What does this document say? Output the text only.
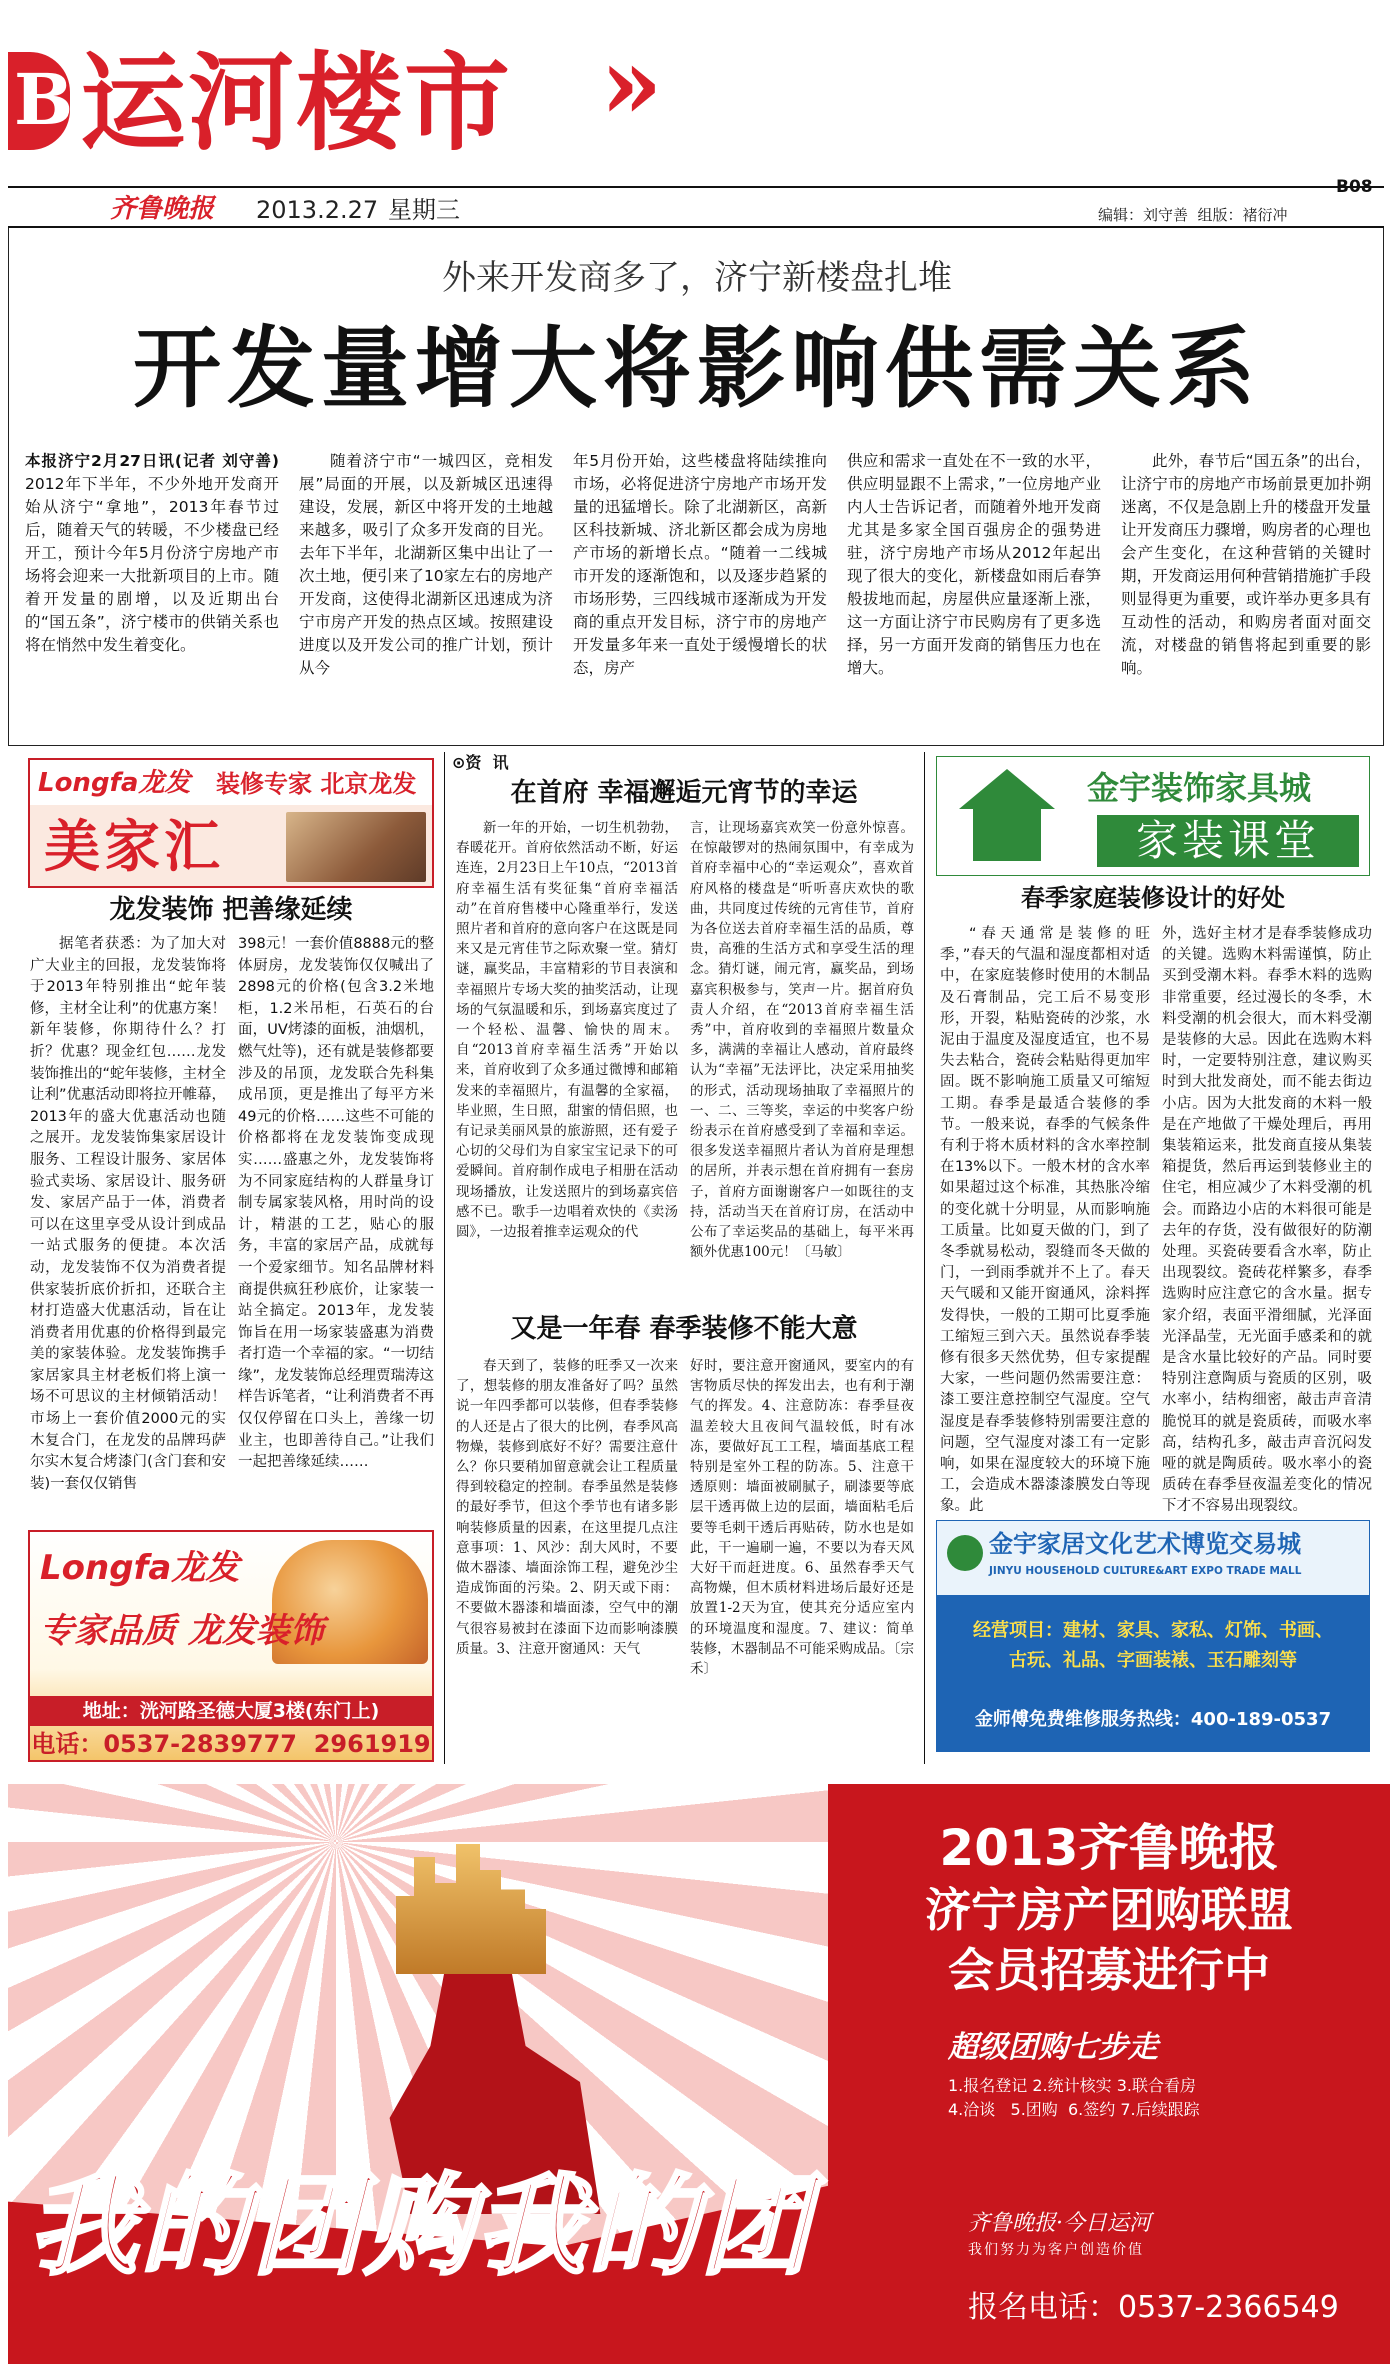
B 运河楼市 »
齐鲁晚报 2013.2.27 星期三	编辑：刘守善  组版：褚衍冲
B08
外来开发商多了，济宁新楼盘扎堆
开发量增大将影响供需关系

本报济宁2月27日讯(记者 刘守善) 2012年下半年，不少外地开发商开始从济宁“拿地”，2013年春节过后，随着天气的转暖，不少楼盘已经开工，预计今年5月份济宁房地产市场将会迎来一大批新项目的上市。随着开发量的剧增，以及近期出台的“国五条”，济宁楼市的供销关系也将在悄然中发生着变化。

随着济宁市“一城四区，竞相发展”局面的开展，以及新城区迅速得建设，发展，新区中将开发的土地越来越多，吸引了众多开发商的目光。去年下半年，北湖新区集中出让了一次土地，便引来了10家左右的房地产开发商，这使得北湖新区迅速成为济宁市房产开发的热点区域。按照建设进度以及开发公司的推广计划，预计从今

年5月份开始，这些楼盘将陆续推向市场，必将促进济宁房地产市场开发量的迅猛增长。除了北湖新区，高新区科技新城、济北新区都会成为房地产市场的新增长点。“随着一二线城市开发的逐渐饱和，以及逐步趋紧的市场形势，三四线城市逐渐成为开发商的重点开发目标，济宁市的房地产开发量多年来一直处于缓慢增长的状态，房产

供应和需求一直处在不一致的水平，供应明显跟不上需求，”一位房地产业内人士告诉记者，而随着外地开发商尤其是多家全国百强房企的强势进驻，济宁房地产市场从2012年起出现了很大的变化，新楼盘如雨后春笋般拔地而起，房屋供应量逐渐上涨，这一方面让济宁市民购房有了更多选择，另一方面开发商的销售压力也在增大。

此外，春节后“国五条”的出台，让济宁市的房地产市场前景更加扑朔迷离，不仅是急剧上升的楼盘开发量让开发商压力骤增，购房者的心理也会产生变化，在这种营销的关键时期，开发商运用何种营销措施扩手段则显得更为重要，或许举办更多具有互动性的活动，和购房者面对面交流，对楼盘的销售将起到重要的影响。

Longfa龙发 装修专家 北京龙发
美家汇
龙发装饰 把善缘延续

据笔者获悉：为了加大对广大业主的回报，龙发装饰将于2013年特别推出“蛇年装修，主材全让利”的优惠方案！新年装修，你期待什么？打折？优惠？现金红包……龙发装饰推出的“蛇年装修，主材全让利”优惠活动即将拉开帷幕，2013年的盛大优惠活动也随之展开。龙发装饰集家居设计服务、工程设计服务、家居体验式卖场、家居设计、服务研发、家居产品于一体，消费者可以在这里享受从设计到成品一站式服务的便捷。本次活动，龙发装饰不仅为消费者提供家装折底价折扣，还联合主材打造盛大优惠活动，旨在让消费者用优惠的价格得到最完美的家装体验。龙发装饰携手家居家具主材老板们将上演一场不可思议的主材倾销活动！市场上一套价值2000元的实木复合门，在龙发的品牌玛萨尔实木复合烤漆门(含门套和安装)一套仅仅销售

398元！一套价值8888元的整体厨房，龙发装饰仅仅喊出了2898元的价格(包含3.2米地柜，1.2米吊柜，石英石的台面，UV烤漆的面板，油烟机，燃气灶等)，还有就是装修都要涉及的吊顶，龙发联合先科集成吊顶，更是推出了每平方米49元的价格……这些不可能的价格都将在龙发装饰变成现实……盛惠之外，龙发装饰将为不同家庭结构的人群量身订制专属家装风格，用时尚的设计，精湛的工艺，贴心的服务，丰富的家居产品，成就每一个爱家细节。知名品牌材料商提供疯狂秒底价，让家装一站全搞定。2013年，龙发装饰旨在用一场家装盛惠为消费者打造一个幸福的家。“一切结缘”，龙发装饰总经理贾瑞涛这样告诉笔者，“让利消费者不再仅仅停留在口头上，善缘一切业主，也即善待自己。”让我们一起把善缘延续……

Longfa龙发
专家品质 龙发装饰
地址：洸河路圣德大厦3楼(东门上)
电话：0537-2839777  2961919
⊙资  讯
在首府 幸福邂逅元宵节的幸运

新一年的开始，一切生机勃勃，春暖花开。首府依然活动不断，好运连连，2月23日上午10点，“2013首府幸福生活有奖征集“首府幸福活动”在首府售楼中心隆重举行，发送照片者和首府的意向客户在这既是同来又是元宵佳节之际欢聚一堂。猜灯谜，赢奖品，丰富精彩的节目表演和幸福照片专场大奖的抽奖活动，让现场的气氛温暖和乐，到场嘉宾度过了一个轻松、温馨、愉快的周末。自“2013首府幸福生活秀”开始以来，首府收到了众多通过微博和邮箱发来的幸福照片，有温馨的全家福，毕业照，生日照，甜蜜的情侣照，也有记录美丽风景的旅游照，还有爱子心切的父母们为自家宝宝记录下的可爱瞬间。首府制作成电子相册在活动现场播放，让发送照片的到场嘉宾倍感不已。歌手一边唱着欢快的《卖汤圆》，一边报着推幸运观众的代

言，让现场嘉宾欢笑一份意外惊喜。在惊敲锣对的热闹氛围中，有幸成为首府幸福中心的“幸运观众”，喜欢首府风格的楼盘是“听听喜庆欢快的歌曲，共同度过传统的元宵佳节，首府为各位送去首府幸福生活的品质，尊贵，高雅的生活方式和享受生活的理念。猜灯谜，闹元宵，赢奖品，到场嘉宾积极参与，笑声一片。据首府负责人介绍，在“2013首府幸福生活秀”中，首府收到的幸福照片数量众多，满满的幸福让人感动，首府最终认为“幸福”无法评比，决定采用抽奖的形式，活动现场抽取了幸福照片的一、二、三等奖，幸运的中奖客户纷纷表示在首府感受到了幸福和幸运。很多发送幸福照片者认为首府是理想的居所，并表示想在首府拥有一套房子，首府方面谢谢客户一如既往的支持，活动当天在首府订房，在活动中公布了幸运奖品的基础上，每平米再额外优惠100元！〔马敏〕

又是一年春 春季装修不能大意

春天到了，装修的旺季又一次来了，想装修的朋友准备好了吗？虽然说一年四季都可以装修，但春季装修的人还是占了很大的比例，春季风高物燥，装修到底好不好？需要注意什么？你只要稍加留意就会让工程质量得到较稳定的控制。春季虽然是装修的最好季节，但这个季节也有诸多影响装修质量的因素，在这里提几点注意事项：1、风沙：刮大风时，不要做木器漆、墙面涂饰工程，避免沙尘造成饰面的污染。2、阴天或下雨：不要做木器漆和墙面漆，空气中的潮气很容易被封在漆面下边而影响漆膜质量。3、注意开窗通风：天气

好时，要注意开窗通风，要室内的有害物质尽快的挥发出去，也有利于潮气的挥发。4、注意防冻：春季昼夜温差较大且夜间气温较低，时有冰冻，要做好瓦工工程，墙面基底工程特别是室外工程的防冻。5、注意干透原则：墙面被刷腻子，刷漆要等底层干透再做上边的层面，墙面粘毛后要等毛刺干透后再贴砖，防水也是如此，干一遍刷一遍，不要以为春天风大好干而赶进度。6、虽然春季天气高物燥，但木质材料进场后最好还是放置1-2天为宜，使其充分适应室内的环境温度和湿度。7、建议：简单装修，木器制品不可能采购成品。〔宗禾〕

金宇装饰家具城
家装课堂
春季家庭装修设计的好处

“春天通常是装修的旺季，”春天的气温和湿度都相对适中，在家庭装修时使用的木制品及石膏制品，完工后不易变形形，开裂，粘贴瓷砖的沙浆，水泥由于温度及湿度适宜，也不易失去粘合，瓷砖会粘贴得更加牢固。既不影响施工质量又可缩短工期。春季是最适合装修的季节。一般来说，春季的气候条件有利于将木质材料的含水率控制在13%以下。一般木材的含水率如果超过这个标准，其热胀冷缩的变化就十分明显，从而影响施工质量。比如夏天做的门，到了冬季就易松动，裂缝而冬天做的门，一到雨季就并不上了。春天天气暖和又能开窗通风，涂料挥发得快，一般的工期可比夏季施工缩短三到六天。虽然说春季装修有很多天然优势，但专家提醒大家，一些问题仍然需要注意：漆工要注意控制空气湿度。空气湿度是春季装修特别需要注意的问题，空气湿度对漆工有一定影响，如果在湿度较大的环境下施工，会造成木器漆漆膜发白等现象。此

外，选好主材才是春季装修成功的关键。选购木料需谨慎，防止买到受潮木料。春季木料的选购非常重要，经过漫长的冬季，木料受潮的机会很大，而木料受潮是装修的大忌。因此在选购木料时，一定要特别注意，建议购买时到大批发商处，而不能去街边小店。因为大批发商的木料一般是在产地做了干燥处理后，再用集装箱运来，批发商直接从集装箱提货，然后再运到装修业主的住宅，相应减少了木料受潮的机会。而路边小店的木料很可能是去年的存货，没有做很好的防潮处理。买瓷砖要看含水率，防止出现裂纹。瓷砖花样繁多，春季选购时应注意它的含水量。据专家介绍，表面平滑细腻，光泽面光泽晶莹，无光面手感柔和的就是含水量比较好的产品。同时要特别注意陶质与瓷质的区别，吸水率小，结构细密，敲击声音清脆悦耳的就是瓷质砖，而吸水率高，结构孔多，敲击声音沉闷发哑的就是陶质砖。吸水率小的瓷质砖在春季昼夜温差变化的情况下才不容易出现裂纹。

金宇家居文化艺术博览交易城
JINYU HOUSEHOLD CULTURE&ART EXPO TRADE MALL
经营项目：建材、家具、家私、灯饰、书画、
古玩、礼品、字画装裱、玉石雕刻等
金师傅免费维修服务热线：400-189-0537
2013齐鲁晚报
济宁房产团购联盟
会员招募进行中
超级团购七步走
1.报名登记 2.统计核实 3.联合看房
4.洽谈   5.团购  6.签约 7.后续跟踪
我的团购我的团	齐鲁晚报·今日运河
我们努力为客户创造价值
报名电话：0537-2366549
